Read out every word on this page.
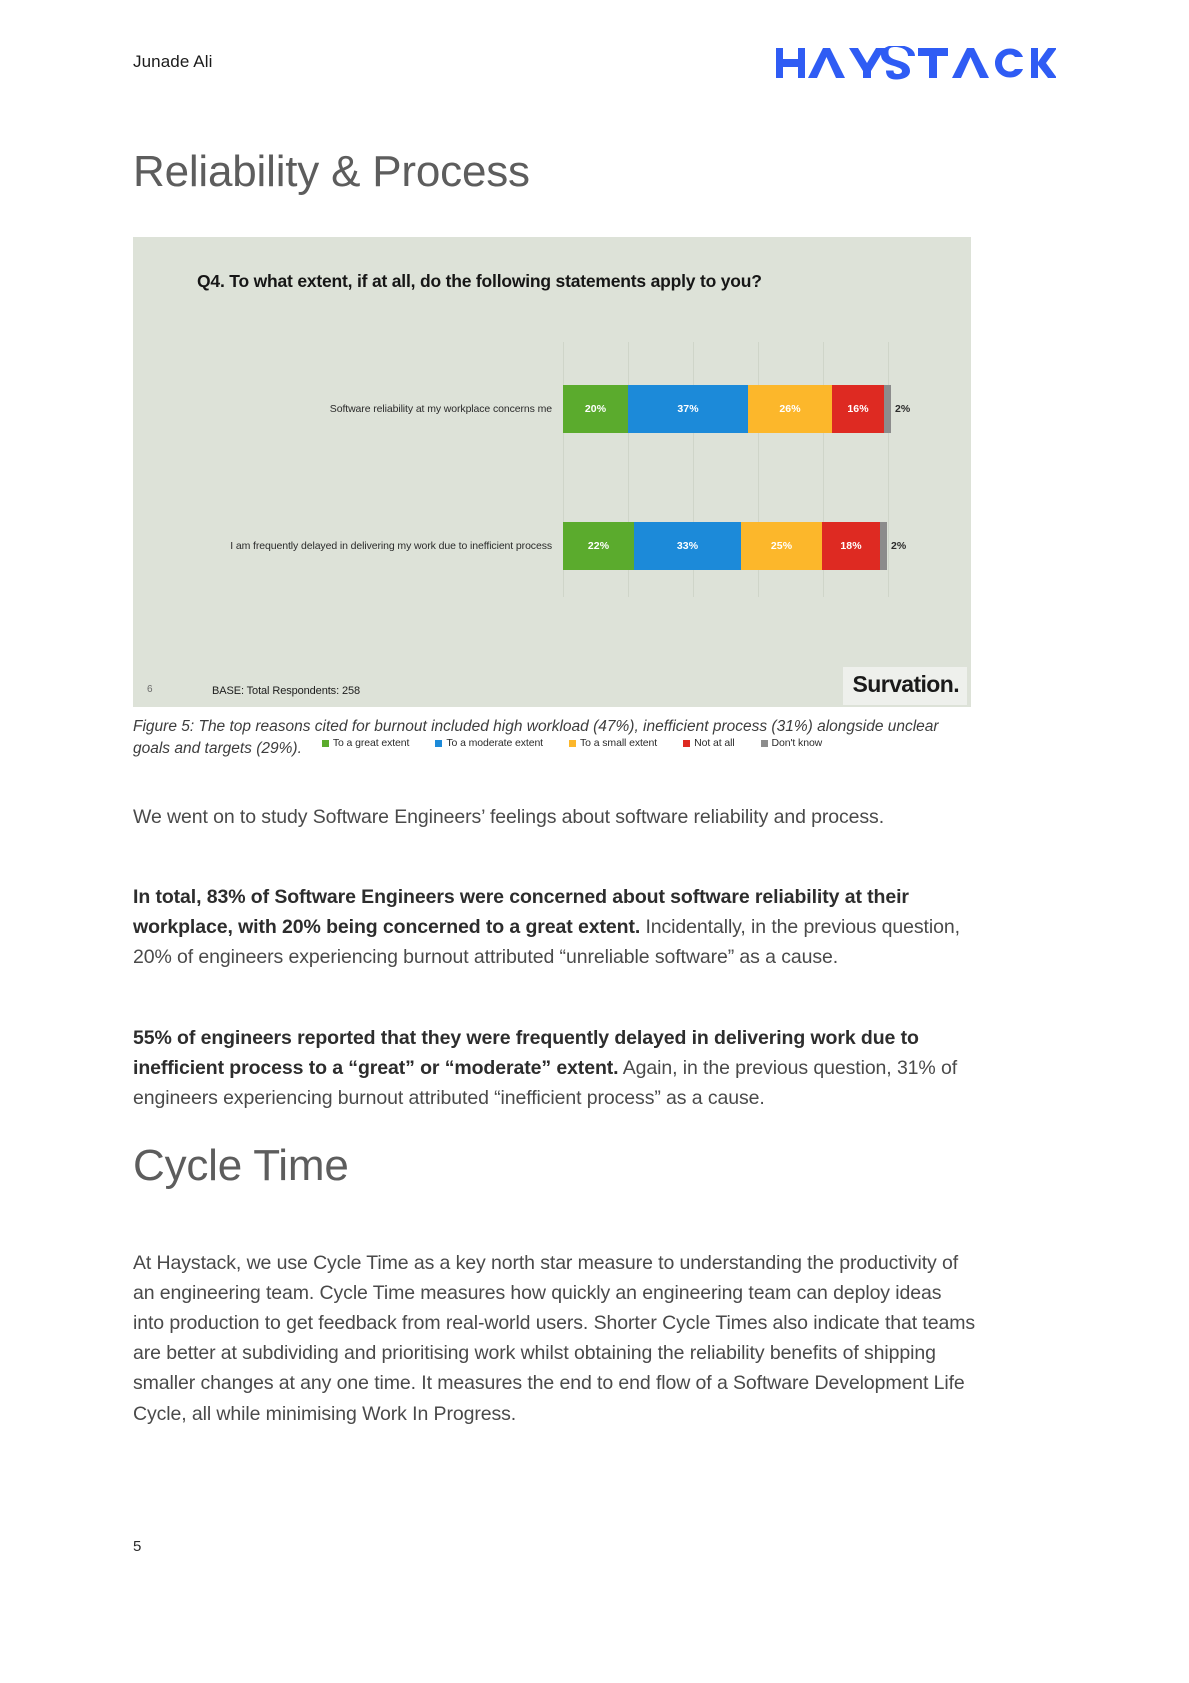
Junade Ali
Reliability & Process
Q4. To what extent, if at all, do the following statements apply to you?
Software reliability at my workplace concerns me	20%	37%	26%	16%	2%
I am frequently delayed in delivering my work due to inefficient process	22%	33%	25%	18%	2%
To a great extent	To a moderate extent	To a small extent	Not at all	Don't know
6	BASE: Total Respondents: 258	Survation.
Figure 5: The top reasons cited for burnout included high workload (47%), inefficient process (31%) alongside unclear goals and targets (29%).

We went on to study Software Engineers’ feelings about software reliability and process.

In total, 83% of Software Engineers were concerned about software reliability at their workplace, with 20% being concerned to a great extent. Incidentally, in the previous question, 20% of engineers experiencing burnout attributed “unreliable software” as a cause.

55% of engineers reported that they were frequently delayed in delivering work due to inefficient process to a “great” or “moderate” extent. Again, in the previous question, 31% of engineers experiencing burnout attributed “inefficient process” as a cause.

Cycle Time

At Haystack, we use Cycle Time as a key north star measure to understanding the productivity of an engineering team. Cycle Time measures how quickly an engineering team can deploy ideas into production to get feedback from real-world users. Shorter Cycle Times also indicate that teams are better at subdividing and prioritising work whilst obtaining the reliability benefits of shipping smaller changes at any one time. It measures the end to end flow of a Software Development Life Cycle, all while minimising Work In Progress.

5
